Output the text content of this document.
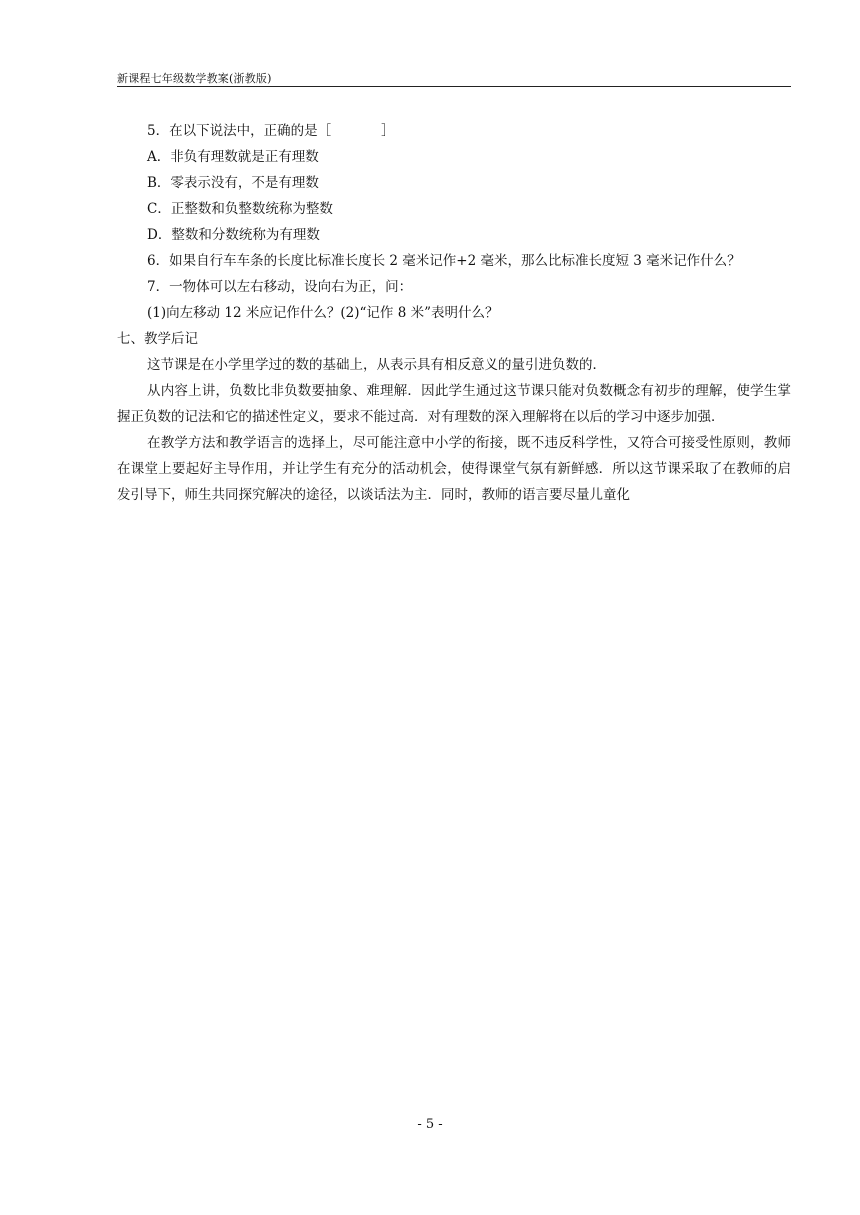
新课程七年级数学教案(浙教版)
5．在以下说法中，正确的是［	］
A．非负有理数就是正有理数
B．零表示没有，不是有理数
C．正整数和负整数统称为整数
D．整数和分数统称为有理数
6．如果自行车车条的长度比标准长度长 2 毫米记作+2 毫米，那么比标准长度短 3 毫米记作什么？
7．一物体可以左右移动，设向右为正，问：
(1)向左移动 12 米应记作什么？(2)“记作 8 米”表明什么？
七、教学后记
这节课是在小学里学过的数的基础上，从表示具有相反意义的量引进负数的．
从内容上讲，负数比非负数要抽象、难理解．因此学生通过这节课只能对负数概念有初步的理解，使学生掌握正负数的记法和它的描述性定义，要求不能过高．对有理数的深入理解将在以后的学习中逐步加强．
在教学方法和教学语言的选择上，尽可能注意中小学的衔接，既不违反科学性，又符合可接受性原则，教师在课堂上要起好主导作用，并让学生有充分的活动机会，使得课堂气氛有新鲜感．所以这节课采取了在教师的启发引导下，师生共同探究解决的途径，以谈话法为主．同时，教师的语言要尽量儿童化
- 5 -
